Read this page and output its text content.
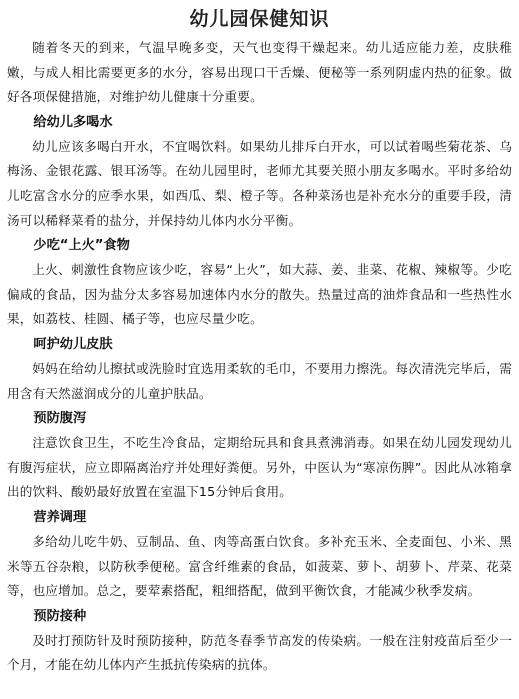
幼儿园保健知识

随着冬天的到来，气温早晚多变，天气也变得干燥起来。幼儿适应能力差，皮肤稚嫩，与成人相比需要更多的水分，容易出现口干舌燥、便秘等一系列阴虚内热的征象。做好各项保健措施，对维护幼儿健康十分重要。

给幼儿多喝水

幼儿应该多喝白开水，不宜喝饮料。如果幼儿排斥白开水，可以试着喝些菊花茶、乌梅汤、金银花露、银耳汤等。在幼儿园里时，老师尤其要关照小朋友多喝水。平时多给幼儿吃富含水分的应季水果，如西瓜、梨、橙子等。各种菜汤也是补充水分的重要手段，清汤可以稀释菜肴的盐分，并保持幼儿体内水分平衡。

少吃“上火”食物

上火、刺激性食物应该少吃，容易“上火”，如大蒜、姜、韭菜、花椒、辣椒等。少吃偏咸的食品，因为盐分太多容易加速体内水分的散失。热量过高的油炸食品和一些热性水果，如荔枝、桂圆、橘子等，也应尽量少吃。

呵护幼儿皮肤

妈妈在给幼儿擦拭或洗脸时宜选用柔软的毛巾，不要用力擦洗。每次清洗完毕后，需用含有天然滋润成分的儿童护肤品。

预防腹泻

注意饮食卫生，不吃生冷食品，定期给玩具和食具煮沸消毒。如果在幼儿园发现幼儿有腹泻症状，应立即隔离治疗并处理好粪便。另外，中医认为“寒凉伤脾”。因此从冰箱拿出的饮料、酸奶最好放置在室温下15分钟后食用。

营养调理

多给幼儿吃牛奶、豆制品、鱼、肉等高蛋白饮食。多补充玉米、全麦面包、小米、黑米等五谷杂粮，以防秋季便秘。富含纤维素的食品，如菠菜、萝卜、胡萝卜、芹菜、花菜等，也应增加。总之，要荤素搭配，粗细搭配，做到平衡饮食，才能减少秋季发病。

预防接种

及时打预防针及时预防接种，防范冬春季节高发的传染病。一般在注射疫苗后至少一个月，才能在幼儿体内产生抵抗传染病的抗体。
